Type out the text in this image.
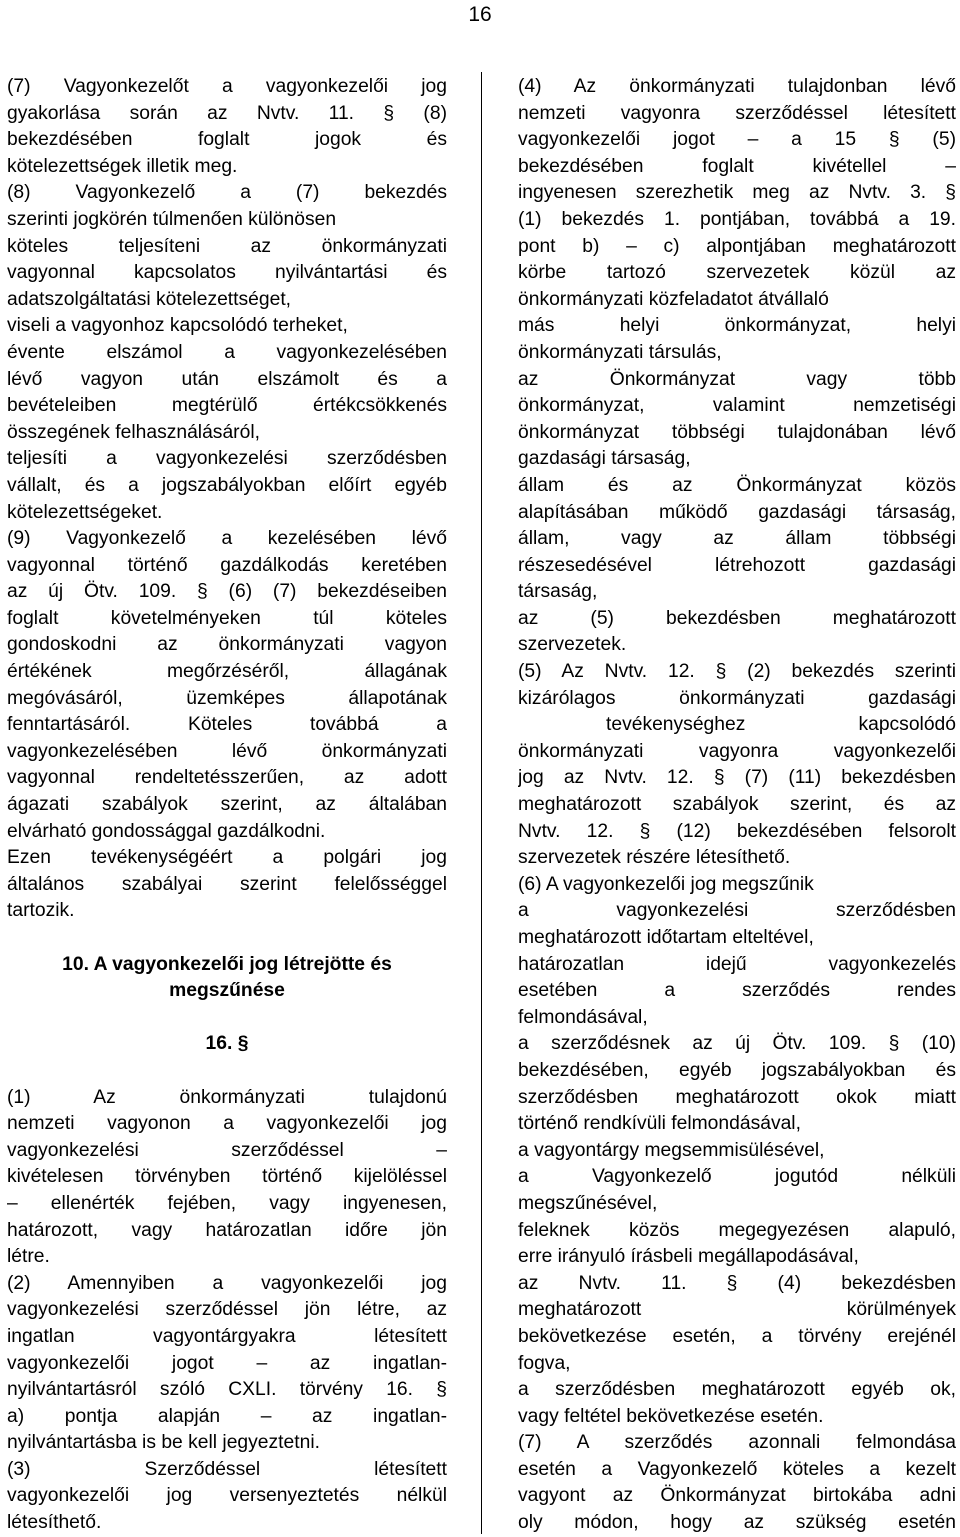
16
(7) Vagyonkezelőt a vagyonkezelői jog
gyakorlása során az Nvtv. 11. § (8)
bekezdésében foglalt jogok és
kötelezettségek illetik meg.
(8) Vagyonkezelő a (7) bekezdés
szerinti jogkörén túlmenően különösen
köteles teljesíteni az önkormányzati
vagyonnal kapcsolatos nyilvántartási és
adatszolgáltatási kötelezettséget,
viseli a vagyonhoz kapcsolódó terheket,
évente elszámol a vagyonkezelésében
lévő vagyon után elszámolt és a
bevételeiben megtérülő értékcsökkenés
összegének felhasználásáról,
teljesíti a vagyonkezelési szerződésben
vállalt, és a jogszabályokban előírt egyéb
kötelezettségeket.
(9) Vagyonkezelő a kezelésében lévő
vagyonnal történő gazdálkodás keretében
az új Ötv. 109. § (6) (7) bekezdéseiben
foglalt követelményeken túl köteles
gondoskodni az önkormányzati vagyon
értékének megőrzéséről, állagának
megóvásáról, üzemképes állapotának
fenntartásáról. Köteles továbbá a
vagyonkezelésében lévő önkormányzati
vagyonnal rendeltetésszerűen, az adott
ágazati szabályok szerint, az általában
elvárható gondossággal gazdálkodni.
Ezen tevékenységéért a polgári jog
általános szabályai szerint felelősséggel
tartozik.
10. A vagyonkezelői jog létrejötte és
megszűnése
16. §
(1) Az önkormányzati tulajdonú
nemzeti vagyonon a vagyonkezelői jog
vagyonkezelési szerződéssel –
kivételesen törvényben történő kijelöléssel
– ellenérték fejében, vagy ingyenesen,
határozott, vagy határozatlan időre jön
létre.
(2) Amennyiben a vagyonkezelői jog
vagyonkezelési szerződéssel jön létre, az
ingatlan vagyontárgyakra létesített
vagyonkezelői jogot – az ingatlan-
nyilvántartásról szóló CXLI. törvény 16. §
a) pontja alapján – az ingatlan-
nyilvántartásba is be kell jegyeztetni.
(3) Szerződéssel létesített
vagyonkezelői jog versenyeztetés nélkül
létesíthető.
(4) Az önkormányzati tulajdonban lévő
nemzeti vagyonra szerződéssel létesített
vagyonkezelői jogot – a 15 § (5)
bekezdésében foglalt kivétellel –
ingyenesen szerezhetik meg az Nvtv. 3. §
(1) bekezdés 1. pontjában, továbbá a 19.
pont b) – c) alpontjában meghatározott
körbe tartozó szervezetek közül az
önkormányzati közfeladatot átvállaló
más helyi önkormányzat, helyi
önkormányzati társulás,
az Önkormányzat vagy több
önkormányzat, valamint nemzetiségi
önkormányzat többségi tulajdonában lévő
gazdasági társaság,
állam és az Önkormányzat közös
alapításában működő gazdasági társaság,
állam, vagy az állam többségi
részesedésével létrehozott gazdasági
társaság,
az (5) bekezdésben meghatározott
szervezetek.
(5) Az Nvtv. 12. § (2) bekezdés szerinti
kizárólagos önkormányzati gazdasági
tevékenységhez kapcsolódó
önkormányzati vagyonra vagyonkezelői
jog az Nvtv. 12. § (7) (11) bekezdésben
meghatározott szabályok szerint, és az
Nvtv. 12. § (12) bekezdésében felsorolt
szervezetek részére létesíthető.
(6) A vagyonkezelői jog megszűnik
a vagyonkezelési szerződésben
meghatározott időtartam elteltével,
határozatlan idejű vagyonkezelés
esetében a szerződés rendes
felmondásával,
a szerződésnek az új Ötv. 109. § (10)
bekezdésében, egyéb jogszabályokban és
szerződésben meghatározott okok miatt
történő rendkívüli felmondásával,
a vagyontárgy megsemmisülésével,
a Vagyonkezelő jogutód nélküli
megszűnésével,
feleknek közös megegyezésen alapuló,
erre irányuló írásbeli megállapodásával,
az Nvtv. 11. § (4) bekezdésben
meghatározott körülmények
bekövetkezése esetén, a törvény erejénél
fogva,
a szerződésben meghatározott egyéb ok,
vagy feltétel bekövetkezése esetén.
(7) A szerződés azonnali felmondása
esetén a Vagyonkezelő köteles a kezelt
vagyont az Önkormányzat birtokába adni
oly módon, hogy az szükség esetén
